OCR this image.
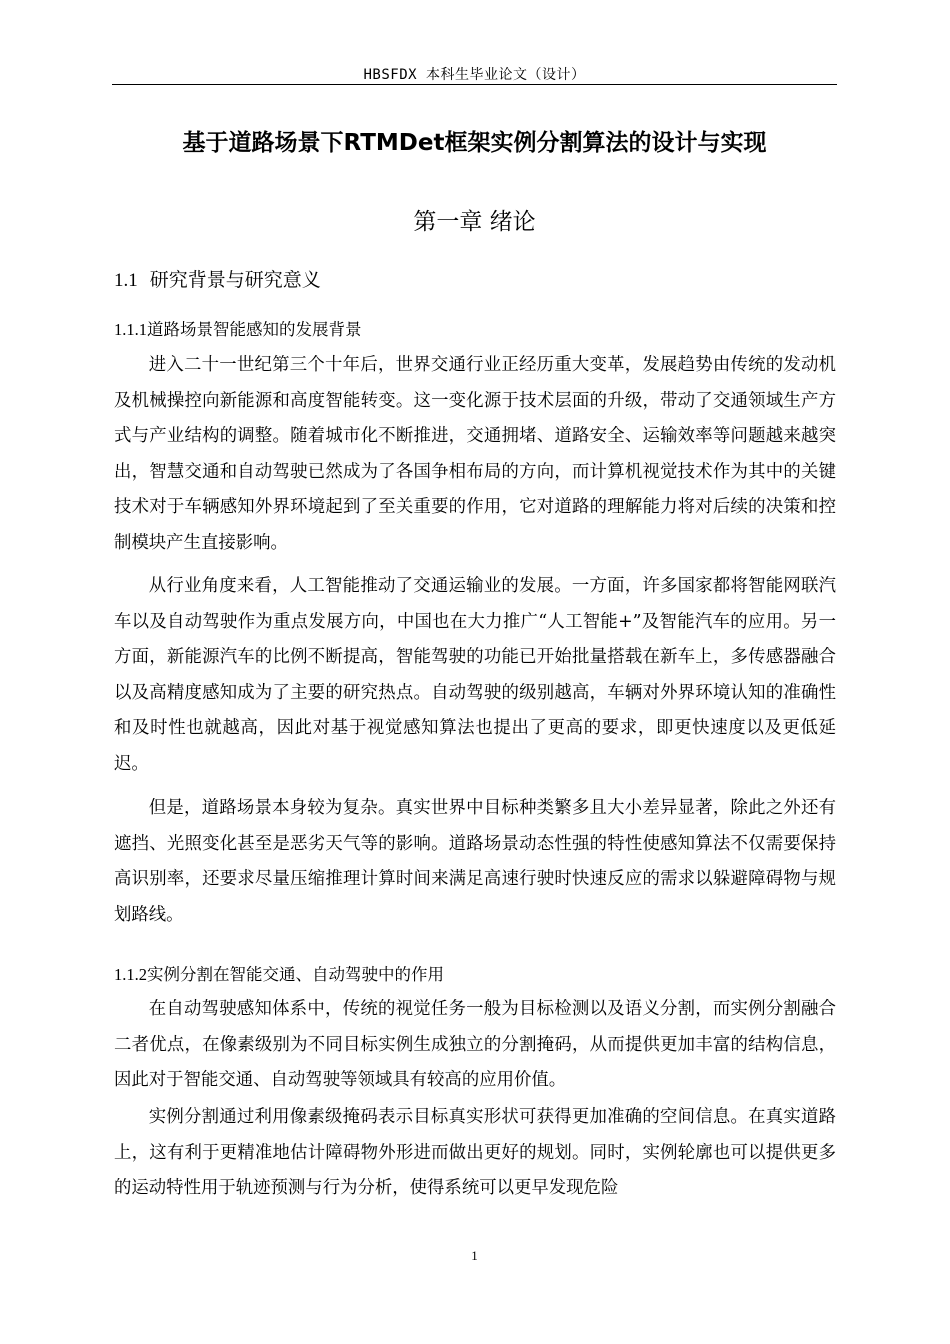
HBSFDX 本科生毕业论文（设计）
基于道路场景下RTMDet框架实例分割算法的设计与实现
第一章 绪论
1.1 研究背景与研究意义
1.1.1道路场景智能感知的发展背景

进入二十一世纪第三个十年后，世界交通行业正经历重大变革，发展趋势由传统的发动机及机械操控向新能源和高度智能转变。这一变化源于技术层面的升级，带动了交通领域生产方式与产业结构的调整。随着城市化不断推进，交通拥堵、道路安全、运输效率等问题越来越突出，智慧交通和自动驾驶已然成为了各国争相布局的方向，而计算机视觉技术作为其中的关键技术对于车辆感知外界环境起到了至关重要的作用，它对道路的理解能力将对后续的决策和控制模块产生直接影响。

从行业角度来看，人工智能推动了交通运输业的发展。一方面，许多国家都将智能网联汽车以及自动驾驶作为重点发展方向，中国也在大力推广“人工智能+”及智能汽车的应用。另一方面，新能源汽车的比例不断提高，智能驾驶的功能已开始批量搭载在新车上，多传感器融合以及高精度感知成为了主要的研究热点。自动驾驶的级别越高，车辆对外界环境认知的准确性和及时性也就越高，因此对基于视觉感知算法也提出了更高的要求，即更快速度以及更低延迟。

但是，道路场景本身较为复杂。真实世界中目标种类繁多且大小差异显著，除此之外还有遮挡、光照变化甚至是恶劣天气等的影响。道路场景动态性强的特性使感知算法不仅需要保持高识别率，还要求尽量压缩推理计算时间来满足高速行驶时快速反应的需求以躲避障碍物与规划路线。

1.1.2实例分割在智能交通、自动驾驶中的作用

在自动驾驶感知体系中，传统的视觉任务一般为目标检测以及语义分割，而实例分割融合二者优点，在像素级别为不同目标实例生成独立的分割掩码，从而提供更加丰富的结构信息，因此对于智能交通、自动驾驶等领域具有较高的应用价值。

实例分割通过利用像素级掩码表示目标真实形状可获得更加准确的空间信息。在真实道路上，这有利于更精准地估计障碍物外形进而做出更好的规划。同时，实例轮廓也可以提供更多的运动特性用于轨迹预测与行为分析，使得系统可以更早发现危险

1
